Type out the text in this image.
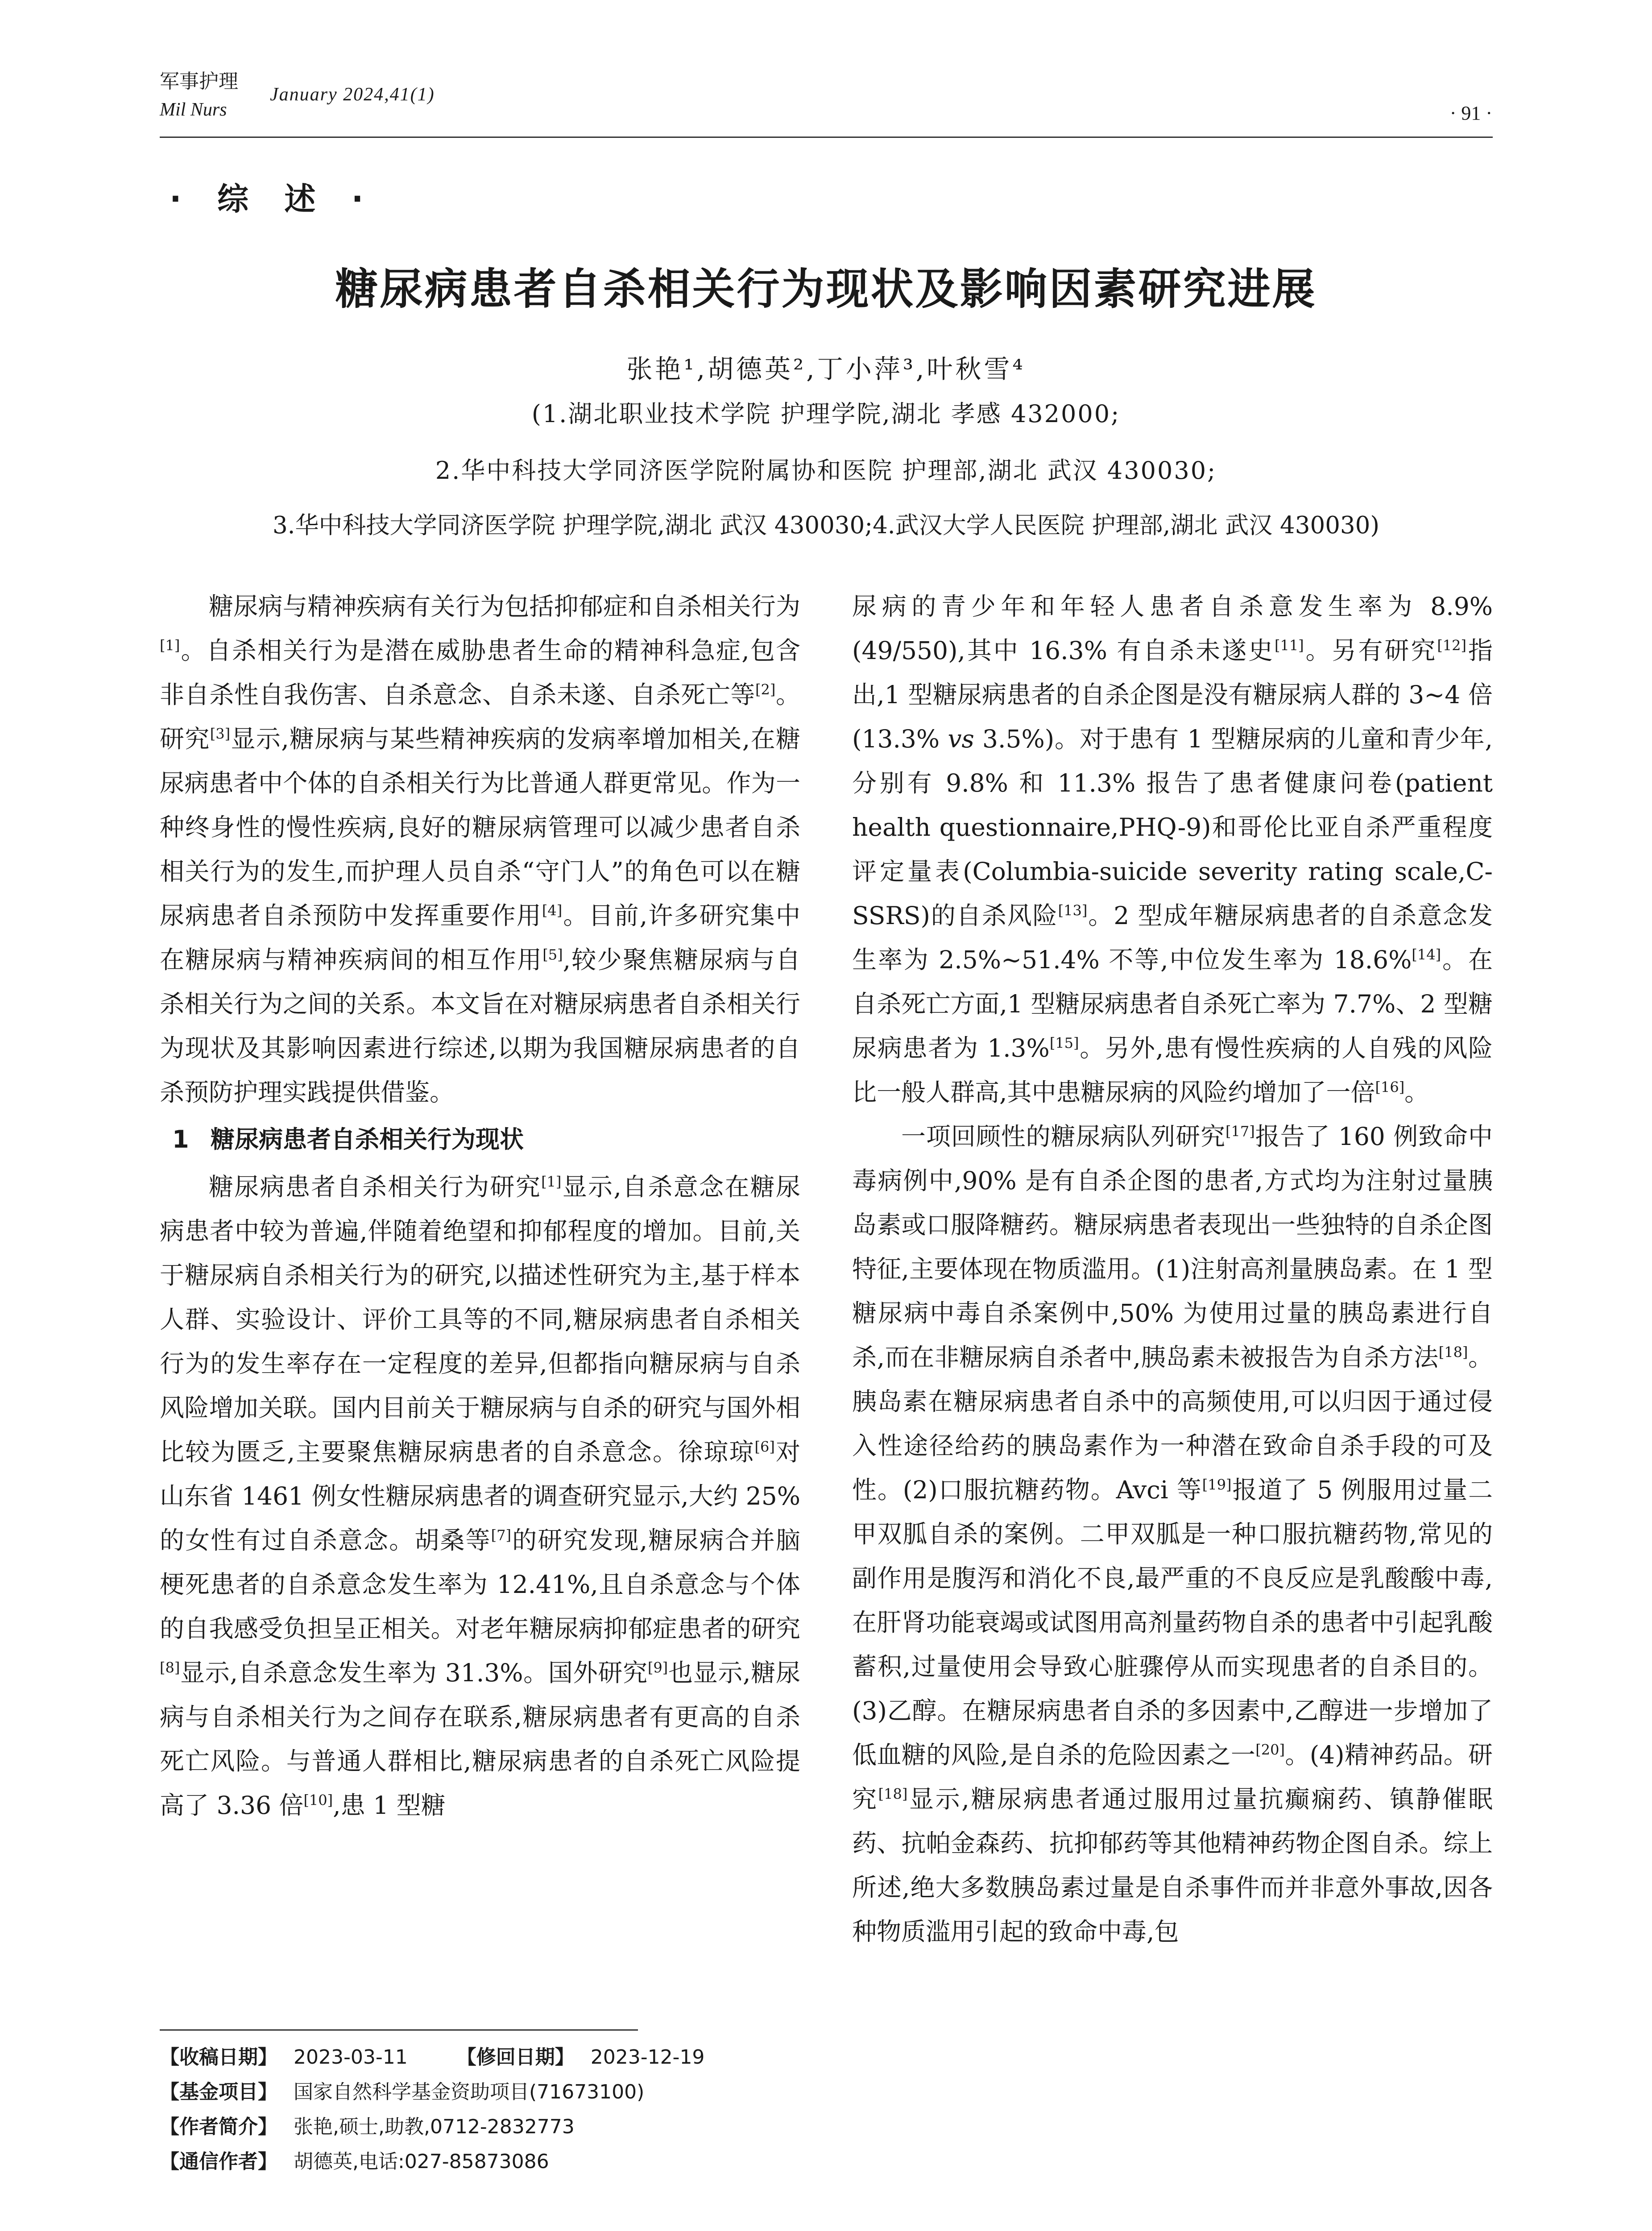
军事护理
Mil Nurs
January 2024,41(1)
· 91 ·
· 综 述 ·
糖尿病患者自杀相关行为现状及影响因素研究进展
张艳¹,胡德英²,丁小萍³,叶秋雪⁴
(1.湖北职业技术学院 护理学院,湖北 孝感 432000;
2.华中科技大学同济医学院附属协和医院 护理部,湖北 武汉 430030;
3.华中科技大学同济医学院 护理学院,湖北 武汉 430030;4.武汉大学人民医院 护理部,湖北 武汉 430030)

糖尿病与精神疾病有关行为包括抑郁症和自杀相关行为[1]。自杀相关行为是潜在威胁患者生命的精神科急症,包含非自杀性自我伤害、自杀意念、自杀未遂、自杀死亡等[2]。研究[3]显示,糖尿病与某些精神疾病的发病率增加相关,在糖尿病患者中个体的自杀相关行为比普通人群更常见。作为一种终身性的慢性疾病,良好的糖尿病管理可以减少患者自杀相关行为的发生,而护理人员自杀“守门人”的角色可以在糖尿病患者自杀预防中发挥重要作用[4]。目前,许多研究集中在糖尿病与精神疾病间的相互作用[5],较少聚焦糖尿病与自杀相关行为之间的关系。本文旨在对糖尿病患者自杀相关行为现状及其影响因素进行综述,以期为我国糖尿病患者的自杀预防护理实践提供借鉴。

1 糖尿病患者自杀相关行为现状

糖尿病患者自杀相关行为研究[1]显示,自杀意念在糖尿病患者中较为普遍,伴随着绝望和抑郁程度的增加。目前,关于糖尿病自杀相关行为的研究,以描述性研究为主,基于样本人群、实验设计、评价工具等的不同,糖尿病患者自杀相关行为的发生率存在一定程度的差异,但都指向糖尿病与自杀风险增加关联。国内目前关于糖尿病与自杀的研究与国外相比较为匮乏,主要聚焦糖尿病患者的自杀意念。徐琼琼[6]对山东省 1461 例女性糖尿病患者的调查研究显示,大约 25% 的女性有过自杀意念。胡桑等[7]的研究发现,糖尿病合并脑梗死患者的自杀意念发生率为 12.41%,且自杀意念与个体的自我感受负担呈正相关。对老年糖尿病抑郁症患者的研究[8]显示,自杀意念发生率为 31.3%。国外研究[9]也显示,糖尿病与自杀相关行为之间存在联系,糖尿病患者有更高的自杀死亡风险。与普通人群相比,糖尿病患者的自杀死亡风险提高了 3.36 倍[10],患 1 型糖

尿病的青少年和年轻人患者自杀意发生率为 8.9%(49/550),其中 16.3% 有自杀未遂史[11]。另有研究[12]指出,1 型糖尿病患者的自杀企图是没有糖尿病人群的 3~4 倍(13.3% vs 3.5%)。对于患有 1 型糖尿病的儿童和青少年,分别有 9.8% 和 11.3% 报告了患者健康问卷(patient health questionnaire,PHQ-9)和哥伦比亚自杀严重程度评定量表(Columbia-suicide severity rating scale,C-SSRS)的自杀风险[13]。2 型成年糖尿病患者的自杀意念发生率为 2.5%~51.4% 不等,中位发生率为 18.6%[14]。在自杀死亡方面,1 型糖尿病患者自杀死亡率为 7.7%、2 型糖尿病患者为 1.3%[15]。另外,患有慢性疾病的人自残的风险比一般人群高,其中患糖尿病的风险约增加了一倍[16]。

一项回顾性的糖尿病队列研究[17]报告了 160 例致命中毒病例中,90% 是有自杀企图的患者,方式均为注射过量胰岛素或口服降糖药。糖尿病患者表现出一些独特的自杀企图特征,主要体现在物质滥用。(1)注射高剂量胰岛素。在 1 型糖尿病中毒自杀案例中,50% 为使用过量的胰岛素进行自杀,而在非糖尿病自杀者中,胰岛素未被报告为自杀方法[18]。胰岛素在糖尿病患者自杀中的高频使用,可以归因于通过侵入性途径给药的胰岛素作为一种潜在致命自杀手段的可及性。(2)口服抗糖药物。Avci 等[19]报道了 5 例服用过量二甲双胍自杀的案例。二甲双胍是一种口服抗糖药物,常见的副作用是腹泻和消化不良,最严重的不良反应是乳酸酸中毒,在肝肾功能衰竭或试图用高剂量药物自杀的患者中引起乳酸蓄积,过量使用会导致心脏骤停从而实现患者的自杀目的。(3)乙醇。在糖尿病患者自杀的多因素中,乙醇进一步增加了低血糖的风险,是自杀的危险因素之一[20]。(4)精神药品。研究[18]显示,糖尿病患者通过服用过量抗癫痫药、镇静催眠药、抗帕金森药、抗抑郁药等其他精神药物企图自杀。综上所述,绝大多数胰岛素过量是自杀事件而并非意外事故,因各种物质滥用引起的致命中毒,包

【收稿日期】 2023-03-11	【修回日期】 2023-12-19
【基金项目】 国家自然科学基金资助项目(71673100)
【作者简介】 张艳,硕士,助教,0712-2832773
【通信作者】 胡德英,电话:027-85873086
